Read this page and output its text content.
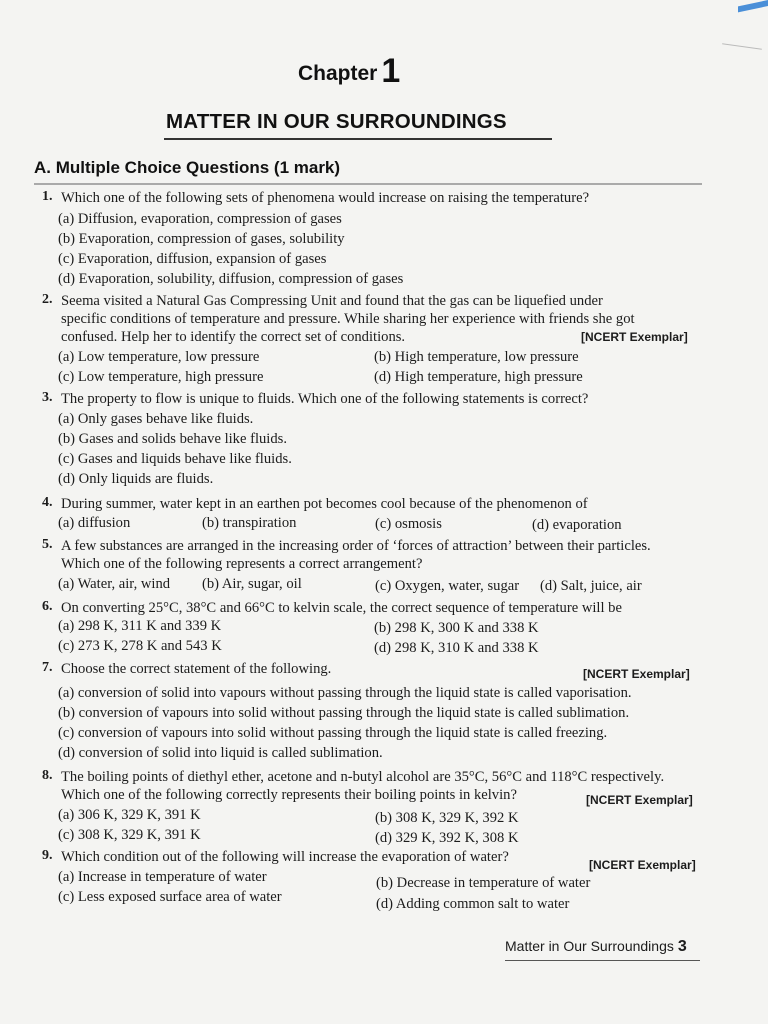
Chapter 1
MATTER IN OUR SURROUNDINGS
A. Multiple Choice Questions (1 mark)
1. Which one of the following sets of phenomena would increase on raising the temperature?
(a) Diffusion, evaporation, compression of gases
(b) Evaporation, compression of gases, solubility
(c) Evaporation, diffusion, expansion of gases
(d) Evaporation, solubility, diffusion, compression of gases
2. Seema visited a Natural Gas Compressing Unit and found that the gas can be liquefied under
specific conditions of temperature and pressure. While sharing her experience with friends she got
confused. Help her to identify the correct set of conditions.	[NCERT Exemplar]
(a) Low temperature, low pressure	(b) High temperature, low pressure
(c) Low temperature, high pressure	(d) High temperature, high pressure
3. The property to flow is unique to fluids. Which one of the following statements is correct?
(a) Only gases behave like fluids.
(b) Gases and solids behave like fluids.
(c) Gases and liquids behave like fluids.
(d) Only liquids are fluids.
4. During summer, water kept in an earthen pot becomes cool because of the phenomenon of
(a) diffusion	(b) transpiration	(c) osmosis	(d) evaporation
5. A few substances are arranged in the increasing order of ‘forces of attraction’ between their particles.
Which one of the following represents a correct arrangement?
(a) Water, air, wind (b) Air, sugar, oil	(c) Oxygen, water, sugar (d) Salt, juice, air
6. On converting 25°C, 38°C and 66°C to kelvin scale, the correct sequence of temperature will be
(a) 298 K, 311 K and 339 K	(b) 298 K, 300 K and 338 K
(c) 273 K, 278 K and 543 K	(d) 298 K, 310 K and 338 K
7. Choose the correct statement of the following.	[NCERT Exemplar]
(a) conversion of solid into vapours without passing through the liquid state is called vaporisation.
(b) conversion of vapours into solid without passing through the liquid state is called sublimation.
(c) conversion of vapours into solid without passing through the liquid state is called freezing.
(d) conversion of solid into liquid is called sublimation.
8. The boiling points of diethyl ether, acetone and n-butyl alcohol are 35°C, 56°C and 118°C respectively.
Which one of the following correctly represents their boiling points in kelvin?	[NCERT Exemplar]
(a) 306 K, 329 K, 391 K	(b) 308 K, 329 K, 392 K
(c) 308 K, 329 K, 391 K	(d) 329 K, 392 K, 308 K
9. Which condition out of the following will increase the evaporation of water?	[NCERT Exemplar]
(a) Increase in temperature of water	(b) Decrease in temperature of water
(c) Less exposed surface area of water	(d) Adding common salt to water
Matter in Our Surroundings 3
